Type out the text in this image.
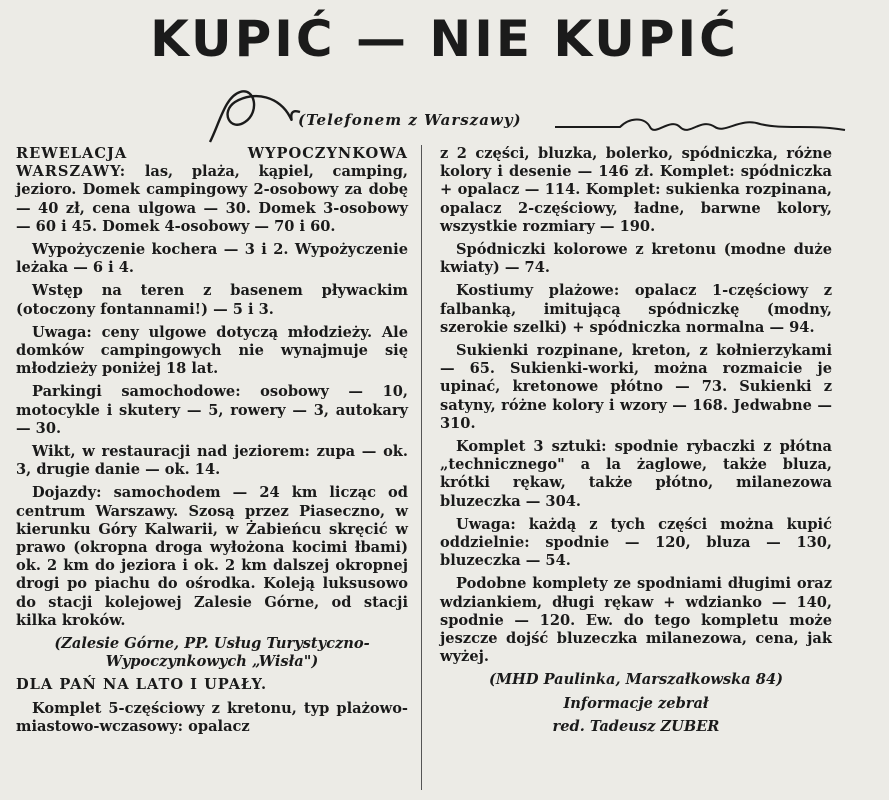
KUPIĆ — NIE KUPIĆ
(Telefonem z Warszawy)

REWELACJA WYPOCZYNKOWA WARSZAWY: las, plaża, kąpiel, camping, jezioro. Domek campingowy 2-osobowy za dobę — 40 zł, cena ulgowa — 30. Domek 3-osobowy — 60 i 45. Domek 4-osobowy — 70 i 60.

Wypożyczenie kochera — 3 i 2. Wypożyczenie leżaka — 6 i 4.

Wstęp na teren z basenem pływackim (otoczony fontannami!) — 5 i 3.

Uwaga: ceny ulgowe dotyczą młodzieży. Ale domków campingowych nie wynajmuje się młodzieży poniżej 18 lat.

Parkingi samochodowe: osobowy — 10, motocykle i skutery — 5, rowery — 3, autokary — 30.

Wikt, w restauracji nad jeziorem: zupa — ok. 3, drugie danie — ok. 14.

Dojazdy: samochodem — 24 km licząc od centrum Warszawy. Szosą przez Piaseczno, w kierunku Góry Kalwarii, w Żabieńcu skręcić w prawo (okropna droga wyłożona kocimi łbami) ok. 2 km do jeziora i ok. 2 km dalszej okropnej drogi po piachu do ośrodka. Koleją luksusowo do stacji kolejowej Zalesie Górne, od stacji kilka kroków.

(Zalesie Górne, PP. Usług Turystyczno-Wypoczynkowych „Wisła")

DLA PAŃ NA LATO I UPAŁY.

Komplet 5-częściowy z kretonu, typ plażowo-miastowo-wczasowy: opalacz

z 2 części, bluzka, bolerko, spódniczka, różne kolory i desenie — 146 zł. Komplet: spódniczka + opalacz — 114. Komplet: sukienka rozpinana, opalacz 2-częściowy, ładne, barwne kolory, wszystkie rozmiary — 190.

Spódniczki kolorowe z kretonu (modne duże kwiaty) — 74.

Kostiumy plażowe: opalacz 1-częściowy z falbanką, imitującą spódniczkę (modny, szerokie szelki) + spódniczka normalna — 94.

Sukienki rozpinane, kreton, z kołnierzykami — 65. Sukienki-worki, można rozmaicie je upinać, kretonowe płótno — 73. Sukienki z satyny, różne kolory i wzory — 168. Jedwabne — 310.

Komplet 3 sztuki: spodnie rybaczki z płótna „technicznego" a la żaglowe, także bluza, krótki rękaw, także płótno, milanezowa bluzeczka — 304.

Uwaga: każdą z tych części można kupić oddzielnie: spodnie — 120, bluza — 130, bluzeczka — 54.

Podobne komplety ze spodniami długimi oraz wdziankiem, długi rękaw + wdzianko — 140, spodnie — 120. Ew. do tego kompletu może jeszcze dojść bluzeczka milanezowa, cena, jak wyżej.

(MHD Paulinka, Marszałkowska 84)

Informacje zebrał

red. Tadeusz ZUBER
